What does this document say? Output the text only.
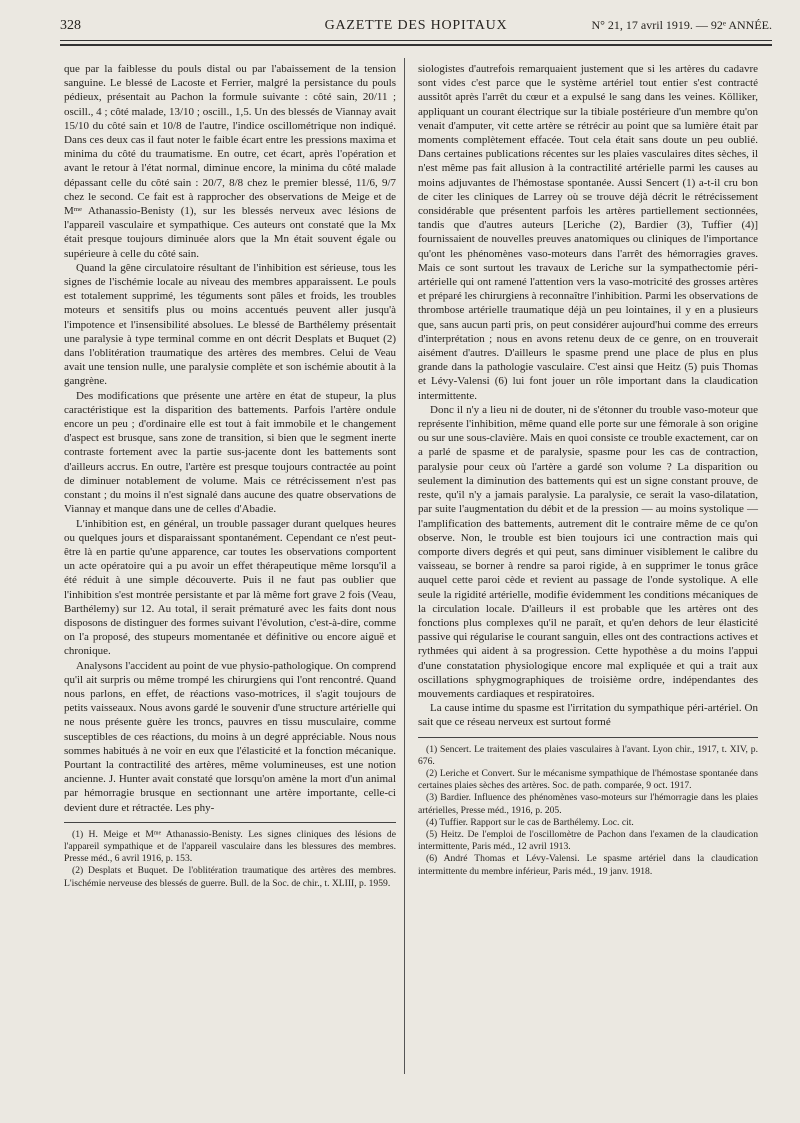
328	GAZETTE DES HOPITAUX	N° 21, 17 avril 1919. — 92ᵉ ANNÉE.

que par la faiblesse du pouls distal ou par l'abaissement de la tension sanguine. Le blessé de Lacoste et Ferrier, malgré la persistance du pouls pédieux, présentait au Pachon la formule suivante : côté sain, 20/11 ; oscill., 4 ; côté malade, 13/10 ; oscill., 1,5. Un des blessés de Viannay avait 15/10 du côté sain et 10/8 de l'autre, l'indice oscillométrique non indiqué. Dans ces deux cas il faut noter le faible écart entre les pressions maxima et minima du côté du traumatisme. En outre, cet écart, après l'opération et avant le retour à l'état normal, diminue encore, la minima du côté malade dépassant celle du côté sain : 20/7, 8/8 chez le premier blessé, 11/6, 9/7 chez le second. Ce fait est à rapprocher des observations de Meige et de Mᵐᵉ Athanassio-Benisty (1), sur les blessés nerveux avec lésions de l'appareil vasculaire et sympathique. Ces auteurs ont constaté que la Mx était presque toujours diminuée alors que la Mn était souvent égale ou supérieure à celle du côté sain.

Quand la gêne circulatoire résultant de l'inhibition est sérieuse, tous les signes de l'ischémie locale au niveau des membres apparaissent. Le pouls est totalement supprimé, les téguments sont pâles et froids, les troubles moteurs et sensitifs plus ou moins accentués peuvent aller jusqu'à l'impotence et l'insensibilité absolues. Le blessé de Barthélemy présentait une paralysie à type terminal comme en ont décrit Desplats et Buquet (2) dans l'oblitération traumatique des artères des membres. Celui de Veau avait une tension nulle, une paralysie complète et son ischémie aboutit à la gangrène.

Des modifications que présente une artère en état de stupeur, la plus caractéristique est la disparition des battements. Parfois l'artère ondule encore un peu ; d'ordinaire elle est tout à fait immobile et le changement d'aspect est brusque, sans zone de transition, si bien que le segment inerte contraste fortement avec la partie sus-jacente dont les battements sont d'ailleurs accrus. En outre, l'artère est presque toujours contractée au point de diminuer notablement de volume. Mais ce rétrécissement n'est pas constant ; du moins il n'est signalé dans aucune des quatre observations de Viannay et manque dans une de celles d'Abadie.

L'inhibition est, en général, un trouble passager durant quelques heures ou quelques jours et disparaissant spontanément. Cependant ce n'est peut-être là en partie qu'une apparence, car toutes les observations comportent un acte opératoire qui a pu avoir un effet thérapeutique même lorsqu'il a été réduit à une simple découverte. Puis il ne faut pas oublier que l'inhibition s'est montrée persistante et par là même fort grave 2 fois (Veau, Barthélemy) sur 12. Au total, il serait prématuré avec les faits dont nous disposons de distinguer des formes suivant l'évolution, c'est-à-dire, comme on l'a proposé, des stupeurs momentanée et définitive ou encore aiguë et chronique.

Analysons l'accident au point de vue physio-pathologique. On comprend qu'il ait surpris ou même trompé les chirurgiens qui l'ont rencontré. Quand nous parlons, en effet, de réactions vaso-motrices, il s'agit toujours de petits vaisseaux. Nous avons gardé le souvenir d'une structure artérielle qui ne nous présente guère les troncs, pauvres en tissu musculaire, comme susceptibles de ces réactions, du moins à un degré appréciable. Nous nous sommes habitués à ne voir en eux que l'élasticité et la fonction mécanique. Pourtant la contractilité des artères, même volumineuses, est une notion ancienne. J. Hunter avait constaté que lorsqu'on amène la mort d'un animal par hémorragie brusque en sectionnant une artère importante, celle-ci devient dure et rétractée. Les phy-

(1) H. Meige et Mᵐᵉ Athanassio-Benisty. Les signes cliniques des lésions de l'appareil sympathique et de l'appareil vasculaire dans les blessures des membres. Presse méd., 6 avril 1916, p. 153.

(2) Desplats et Buquet. De l'oblitération traumatique des artères des membres. L'ischémie nerveuse des blessés de guerre. Bull. de la Soc. de chir., t. XLIII, p. 1959.

siologistes d'autrefois remarquaient justement que si les artères du cadavre sont vides c'est parce que le système artériel tout entier s'est contracté aussitôt après l'arrêt du cœur et a expulsé le sang dans les veines. Kölliker, appliquant un courant électrique sur la tibiale postérieure d'un membre qu'on venait d'amputer, vit cette artère se rétrécir au point que sa lumière était par moments complètement effacée. Tout cela était sans doute un peu oublié. Dans certaines publications récentes sur les plaies vasculaires dites sèches, il n'est même pas fait allusion à la contractilité artérielle parmi les causes au moins adjuvantes de l'hémostase spontanée. Aussi Sencert (1) a-t-il cru bon de citer les cliniques de Larrey où se trouve déjà décrit le rétrécissement considérable que présentent parfois les artères partiellement sectionnées, tandis que d'autres auteurs [Leriche (2), Bardier (3), Tuffier (4)] fournissaient de nouvelles preuves anatomiques ou cliniques de l'importance qu'ont les phénomènes vaso-moteurs dans l'arrêt des hémorragies graves. Mais ce sont surtout les travaux de Leriche sur la sympathectomie péri-artérielle qui ont ramené l'attention vers la vaso-motricité des grosses artères et préparé les chirurgiens à reconnaître l'inhibition. Parmi les observations de thrombose artérielle traumatique déjà un peu lointaines, il y en a plusieurs que, sans aucun parti pris, on peut considérer aujourd'hui comme des erreurs d'interprétation ; nous en avons retenu deux de ce genre, on en trouverait aisément d'autres. D'ailleurs le spasme prend une place de plus en plus grande dans la pathologie vasculaire. C'est ainsi que Heitz (5) puis Thomas et Lévy-Valensi (6) lui font jouer un rôle important dans la claudication intermittente.

Donc il n'y a lieu ni de douter, ni de s'étonner du trouble vaso-moteur que représente l'inhibition, même quand elle porte sur une fémorale à son origine ou sur une sous-clavière. Mais en quoi consiste ce trouble exactement, car on a parlé de spasme et de paralysie, spasme pour les cas de contraction, paralysie pour ceux où l'artère a gardé son volume ? La disparition ou seulement la diminution des battements qui est un signe constant prouve, de reste, qu'il n'y a jamais paralysie. La paralysie, ce serait la vaso-dilatation, par suite l'augmentation du débit et de la pression — au moins systolique — l'amplification des battements, autrement dit le contraire même de ce qu'on observe. Non, le trouble est bien toujours ici une contraction mais qui comporte divers degrés et qui peut, sans diminuer visiblement le calibre du vaisseau, se borner à rendre sa paroi rigide, à en supprimer le tonus grâce auquel cette paroi cède et revient au passage de l'onde systolique. A elle seule la rigidité artérielle, modifie évidemment les conditions mécaniques de la circulation locale. D'ailleurs il est probable que les artères ont des fonctions plus complexes qu'il ne paraît, et qu'en dehors de leur élasticité passive qui régularise le courant sanguin, elles ont des contractions actives et rythmées qui aident à sa progression. Cette hypothèse a du moins l'appui d'une constatation physiologique encore mal expliquée et qui a trait aux oscillations sphygmographiques de troisième ordre, indépendantes des mouvements cardiaques et respiratoires.

La cause intime du spasme est l'irritation du sympathique péri-artériel. On sait que ce réseau nerveux est surtout formé

(1) Sencert. Le traitement des plaies vasculaires à l'avant. Lyon chir., 1917, t. XIV, p. 676.

(2) Leriche et Convert. Sur le mécanisme sympathique de l'hémostase spontanée dans certaines plaies sèches des artères. Soc. de path. comparée, 9 oct. 1917.

(3) Bardier. Influence des phénomènes vaso-moteurs sur l'hémorragie dans les plaies artérielles, Presse méd., 1916, p. 205.

(4) Tuffier. Rapport sur le cas de Barthélemy. Loc. cit.

(5) Heitz. De l'emploi de l'oscillomètre de Pachon dans l'examen de la claudication intermittente, Paris méd., 12 avril 1913.

(6) André Thomas et Lévy-Valensi. Le spasme artériel dans la claudication intermittente du membre inférieur, Paris méd., 19 janv. 1918.
